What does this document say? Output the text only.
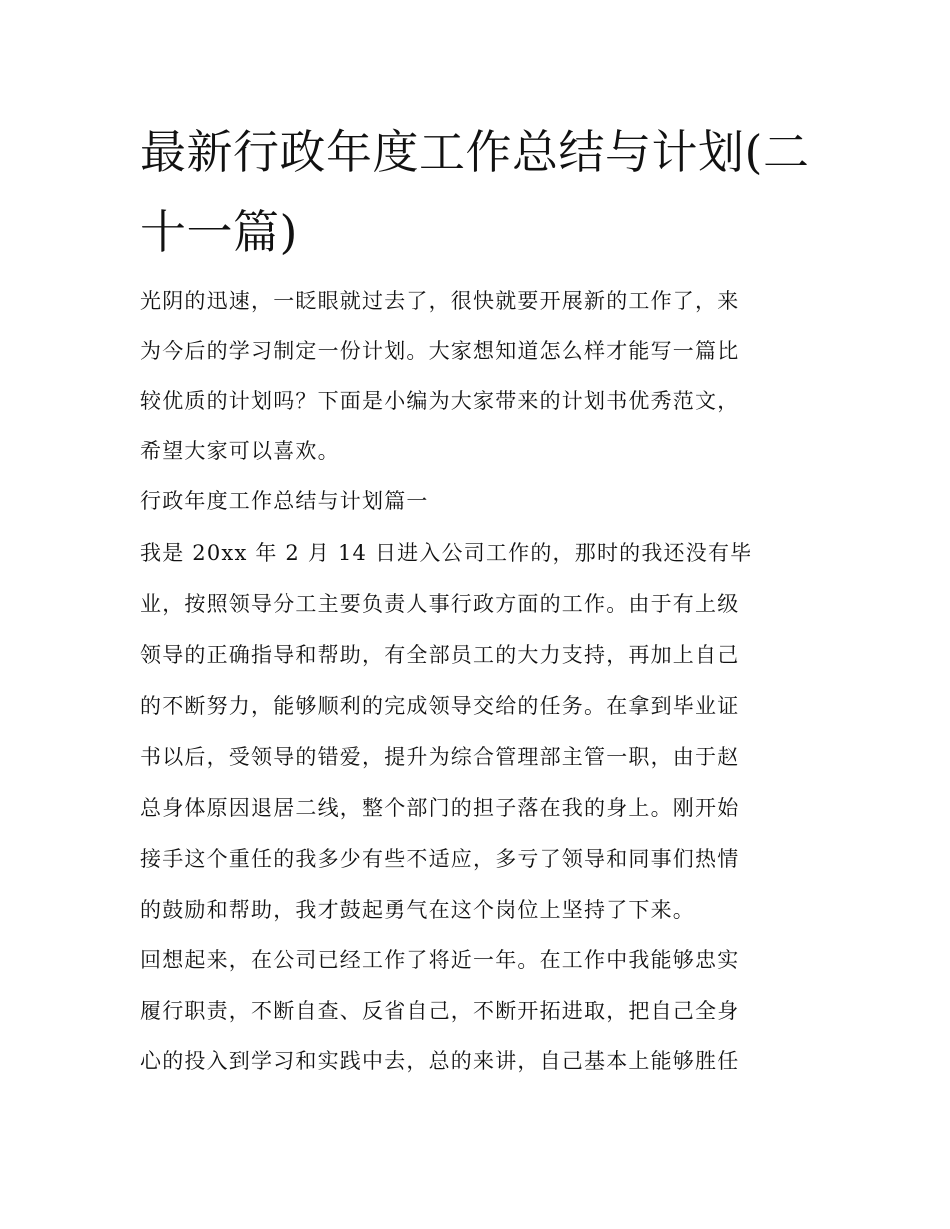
最新行政年度工作总结与计划(二十一篇)

光阴的迅速，一眨眼就过去了，很快就要开展新的工作了，来

为今后的学习制定一份计划。大家想知道怎么样才能写一篇比

较优质的计划吗？下面是小编为大家带来的计划书优秀范文，

希望大家可以喜欢。

行政年度工作总结与计划篇一

我是 20xx 年 2 月 14 日进入公司工作的，那时的我还没有毕

业，按照领导分工主要负责人事行政方面的工作。由于有上级

领导的正确指导和帮助，有全部员工的大力支持，再加上自己

的不断努力，能够顺利的完成领导交给的任务。在拿到毕业证

书以后，受领导的错爱，提升为综合管理部主管一职，由于赵

总身体原因退居二线，整个部门的担子落在我的身上。刚开始

接手这个重任的我多少有些不适应，多亏了领导和同事们热情

的鼓励和帮助，我才鼓起勇气在这个岗位上坚持了下来。

回想起来，在公司已经工作了将近一年。在工作中我能够忠实

履行职责，不断自查、反省自己，不断开拓进取，把自己全身

心的投入到学习和实践中去，总的来讲，自己基本上能够胜任
